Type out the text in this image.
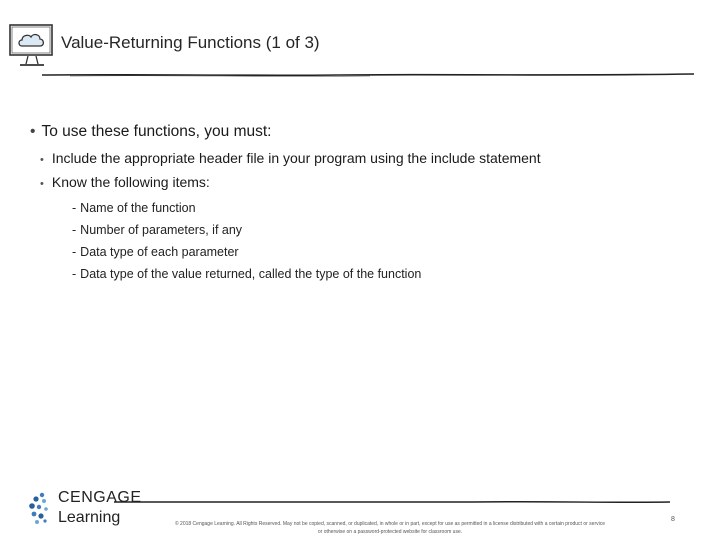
Value-Returning Functions (1 of 3)
• To use these functions, you must:
• Include the appropriate header file in your program using the include statement
• Know the following items:
- Name of the function
- Number of parameters, if any
- Data type of each parameter
- Data type of the value returned, called the type of the function
CENGAGE
Learning	© 2018 Cengage Learning. All Rights Reserved. May not be copied, scanned, or duplicated, in whole or in part, except for use as permitted in a license distributed with a certain product or service
or otherwise on a password-protected website for classroom use.
8
